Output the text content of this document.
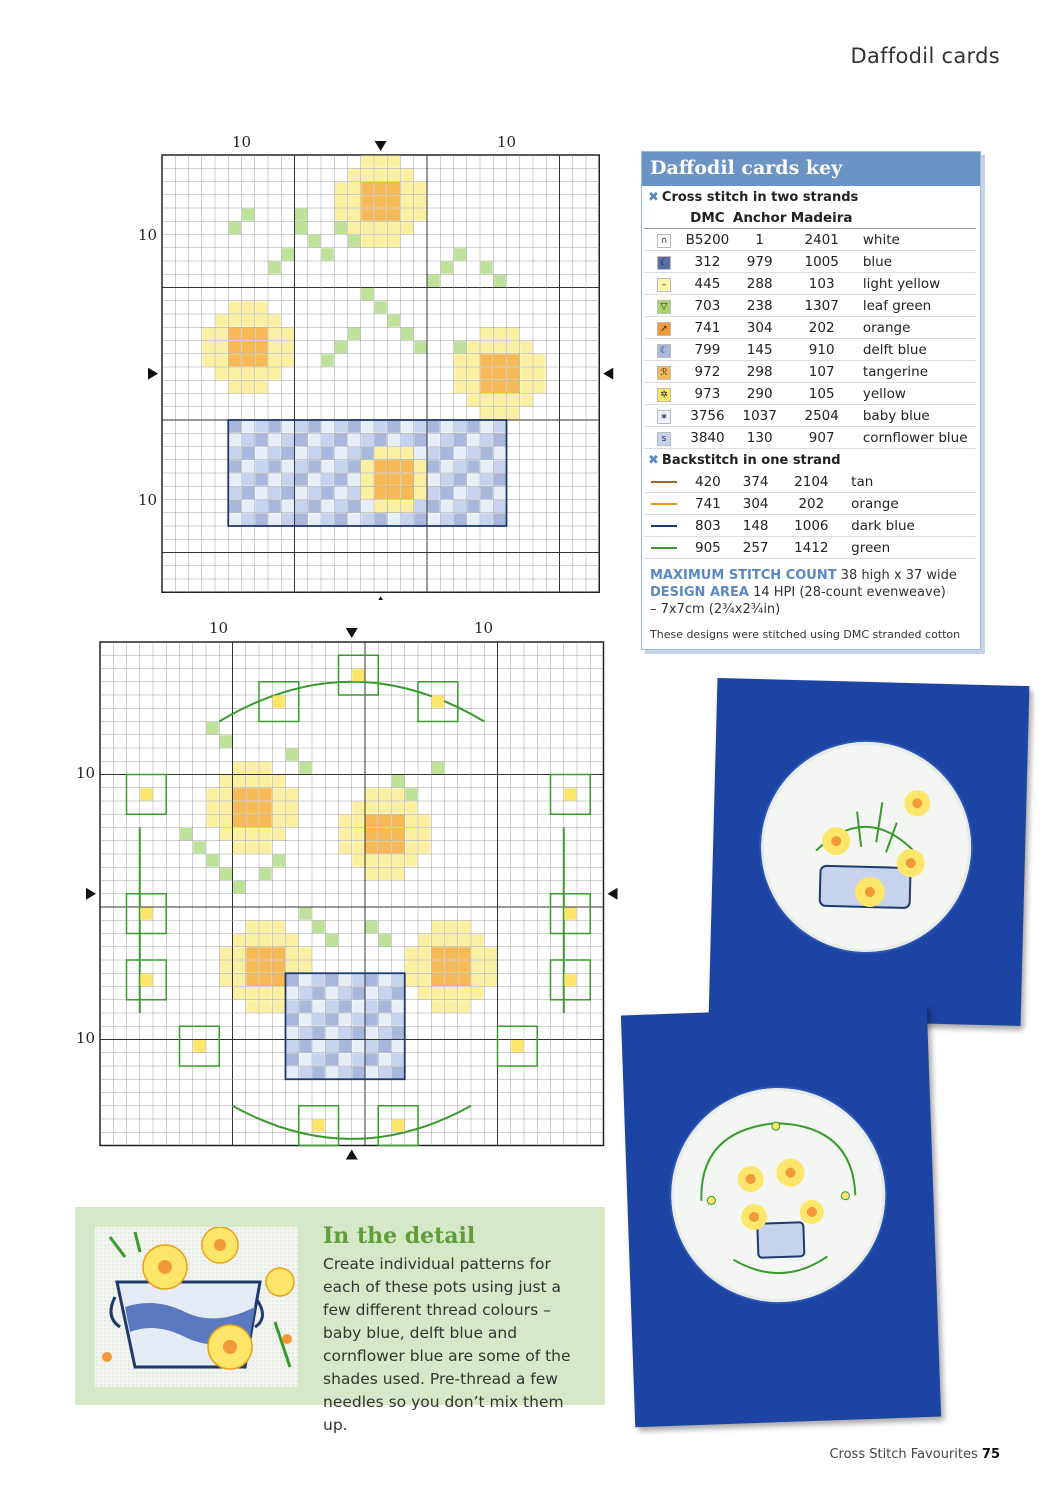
Daffodil cards
10	10
10
10
10	10
10
10
Daffodil cards key
✖ Cross stitch in two strands
	DMC	Anchor	Madeira	
∩	B5200	1	2401	white
☾	312	979	1005	blue
–	445	288	103	light yellow
▽	703	238	1307	leaf green
➚	741	304	202	orange
☾	799	145	910	delft blue
ℛ	972	298	107	tangerine
✲	973	290	105	yellow
∗	3756	1037	2504	baby blue
ꜱ	3840	130	907	cornflower blue
✖ Backstitch in one strand
	420	374	2104	tan
	741	304	202	orange
	803	148	1006	dark blue
	905	257	1412	green
MAXIMUM STITCH COUNT 38 high x 37 wide
DESIGN AREA 14 HPI (28-count evenweave)
– 7x7cm (2¾x2¾in)
These designs were stitched using DMC stranded cotton
In the detail
Create individual patterns for each of these pots using just a few different thread colours – baby blue, delft blue and cornflower blue are some of the shades used. Pre-thread a few needles so you don’t mix them up.
Cross Stitch Favourites 75
